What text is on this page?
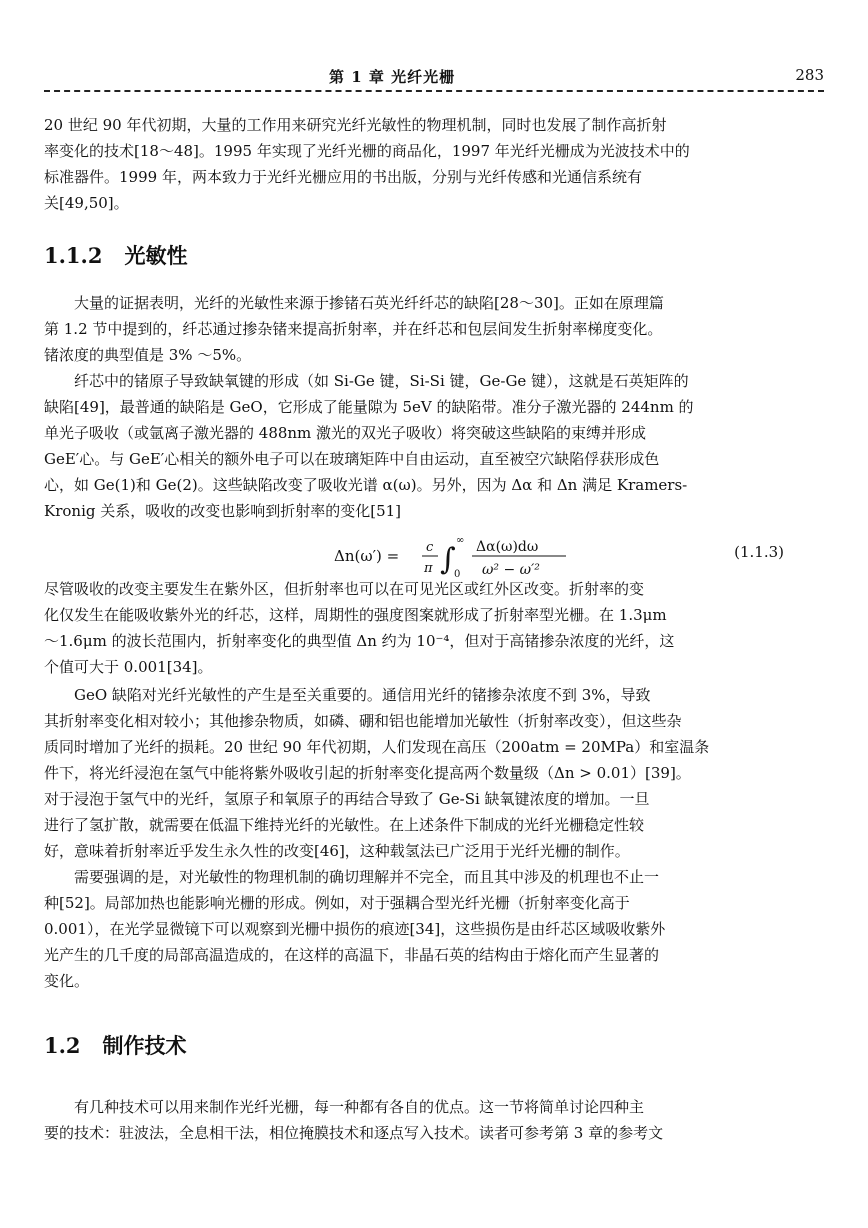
第 1 章 光纤光栅	283
20 世纪 90 年代初期，大量的工作用来研究光纤光敏性的物理机制，同时也发展了制作高折射
率变化的技术[18～48]。1995 年实现了光纤光栅的商品化，1997 年光纤光栅成为光波技术中的
标准器件。1999 年，两本致力于光纤光栅应用的书出版，分别与光纤传感和光通信系统有
关[49,50]。
1.1.2 光敏性
大量的证据表明，光纤的光敏性来源于掺锗石英光纤纤芯的缺陷[28～30]。正如在原理篇
第 1.2 节中提到的，纤芯通过掺杂锗来提高折射率，并在纤芯和包层间发生折射率梯度变化。
锗浓度的典型值是 3% ～5%。
纤芯中的锗原子导致缺氧键的形成（如 Si-Ge 键，Si-Si 键，Ge-Ge 键），这就是石英矩阵的
缺陷[49]，最普通的缺陷是 GeO，它形成了能量隙为 5eV 的缺陷带。准分子激光器的 244nm 的
单光子吸收（或氩离子激光器的 488nm 激光的双光子吸收）将突破这些缺陷的束缚并形成
GeE′心。与 GeE′心相关的额外电子可以在玻璃矩阵中自由运动，直至被空穴缺陷俘获形成色
心，如 Ge(1)和 Ge(2)。这些缺陷改变了吸收光谱 α(ω)。另外，因为 Δα 和 Δn 满足 Kramers-
Kronig 关系，吸收的改变也影响到折射率的变化[51]
Δn(ω′) = c
π ∫
∞
0
Δα(ω)dω
ω² − ω′²
(1.1.3)
尽管吸收的改变主要发生在紫外区，但折射率也可以在可见光区或红外区改变。折射率的变
化仅发生在能吸收紫外光的纤芯，这样，周期性的强度图案就形成了折射率型光栅。在 1.3μm
～1.6μm 的波长范围内，折射率变化的典型值 Δn 约为 10⁻⁴，但对于高锗掺杂浓度的光纤，这
个值可大于 0.001[34]。
GeO 缺陷对光纤光敏性的产生是至关重要的。通信用光纤的锗掺杂浓度不到 3%，导致
其折射率变化相对较小；其他掺杂物质，如磷、硼和铝也能增加光敏性（折射率改变），但这些杂
质同时增加了光纤的损耗。20 世纪 90 年代初期，人们发现在高压（200atm = 20MPa）和室温条
件下，将光纤浸泡在氢气中能将紫外吸收引起的折射率变化提高两个数量级（Δn > 0.01）[39]。
对于浸泡于氢气中的光纤，氢原子和氧原子的再结合导致了 Ge-Si 缺氧键浓度的增加。一旦
进行了氢扩散，就需要在低温下维持光纤的光敏性。在上述条件下制成的光纤光栅稳定性较
好，意味着折射率近乎发生永久性的改变[46]，这种载氢法已广泛用于光纤光栅的制作。
需要强调的是，对光敏性的物理机制的确切理解并不完全，而且其中涉及的机理也不止一
种[52]。局部加热也能影响光栅的形成。例如，对于强耦合型光纤光栅（折射率变化高于
0.001），在光学显微镜下可以观察到光栅中损伤的痕迹[34]，这些损伤是由纤芯区域吸收紫外
光产生的几千度的局部高温造成的，在这样的高温下，非晶石英的结构由于熔化而产生显著的
变化。
1.2 制作技术
有几种技术可以用来制作光纤光栅，每一种都有各自的优点。这一节将简单讨论四种主
要的技术：驻波法，全息相干法，相位掩膜技术和逐点写入技术。读者可参考第 3 章的参考文
